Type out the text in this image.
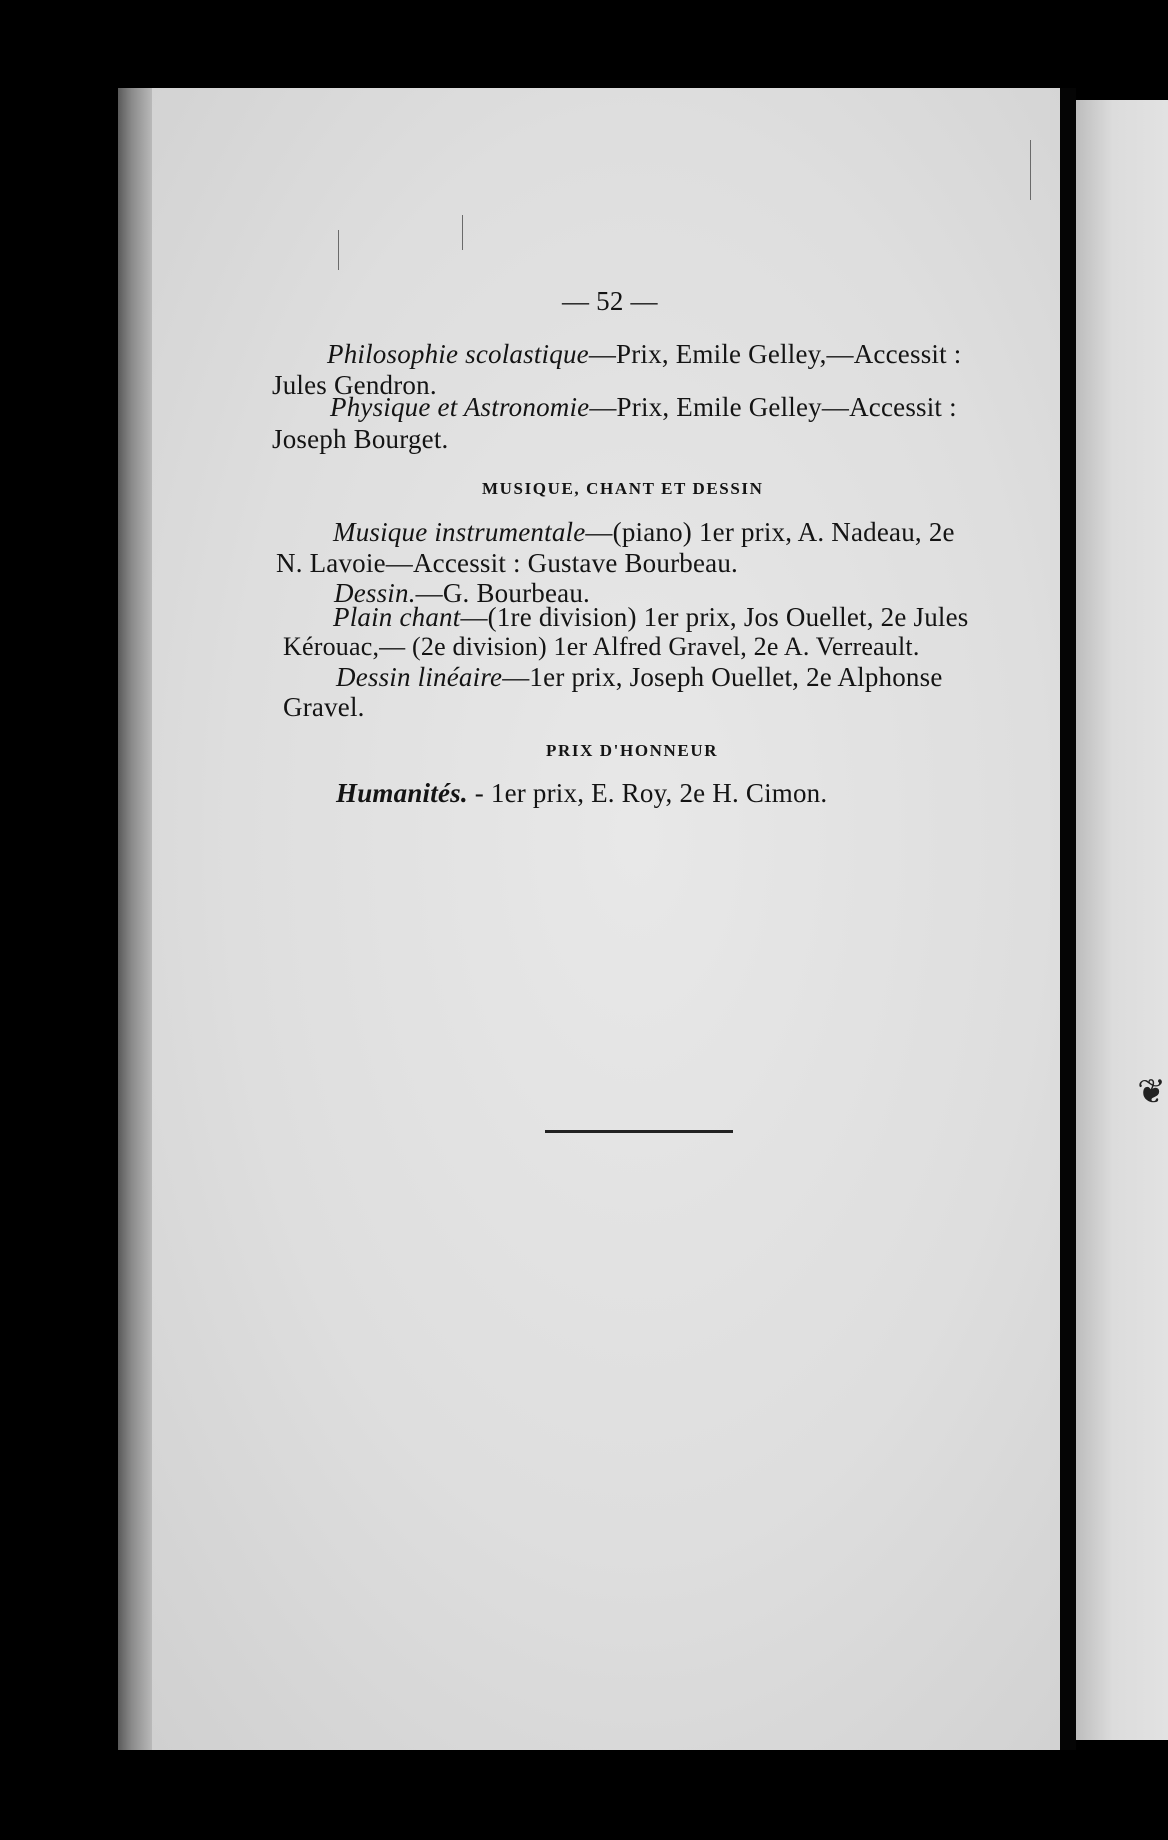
❦
— 52 —
Philosophie scolastique—Prix, Emile Gelley,—Accessit :
Jules Gendron.
Physique et Astronomie—Prix, Emile Gelley—Accessit :
Joseph Bourget.
MUSIQUE, CHANT ET DESSIN
Musique instrumentale—(piano) 1er prix, A. Nadeau, 2e
N. Lavoie—Accessit : Gustave Bourbeau.
Dessin.—G. Bourbeau.
Plain chant—(1re division) 1er prix, Jos Ouellet, 2e Jules
Kérouac,— (2e division) 1er Alfred Gravel, 2e A. Verreault.
Dessin linéaire—1er prix, Joseph Ouellet, 2e Alphonse
Gravel.
PRIX D'HONNEUR
Humanités. - 1er prix, E. Roy, 2e H. Cimon.
